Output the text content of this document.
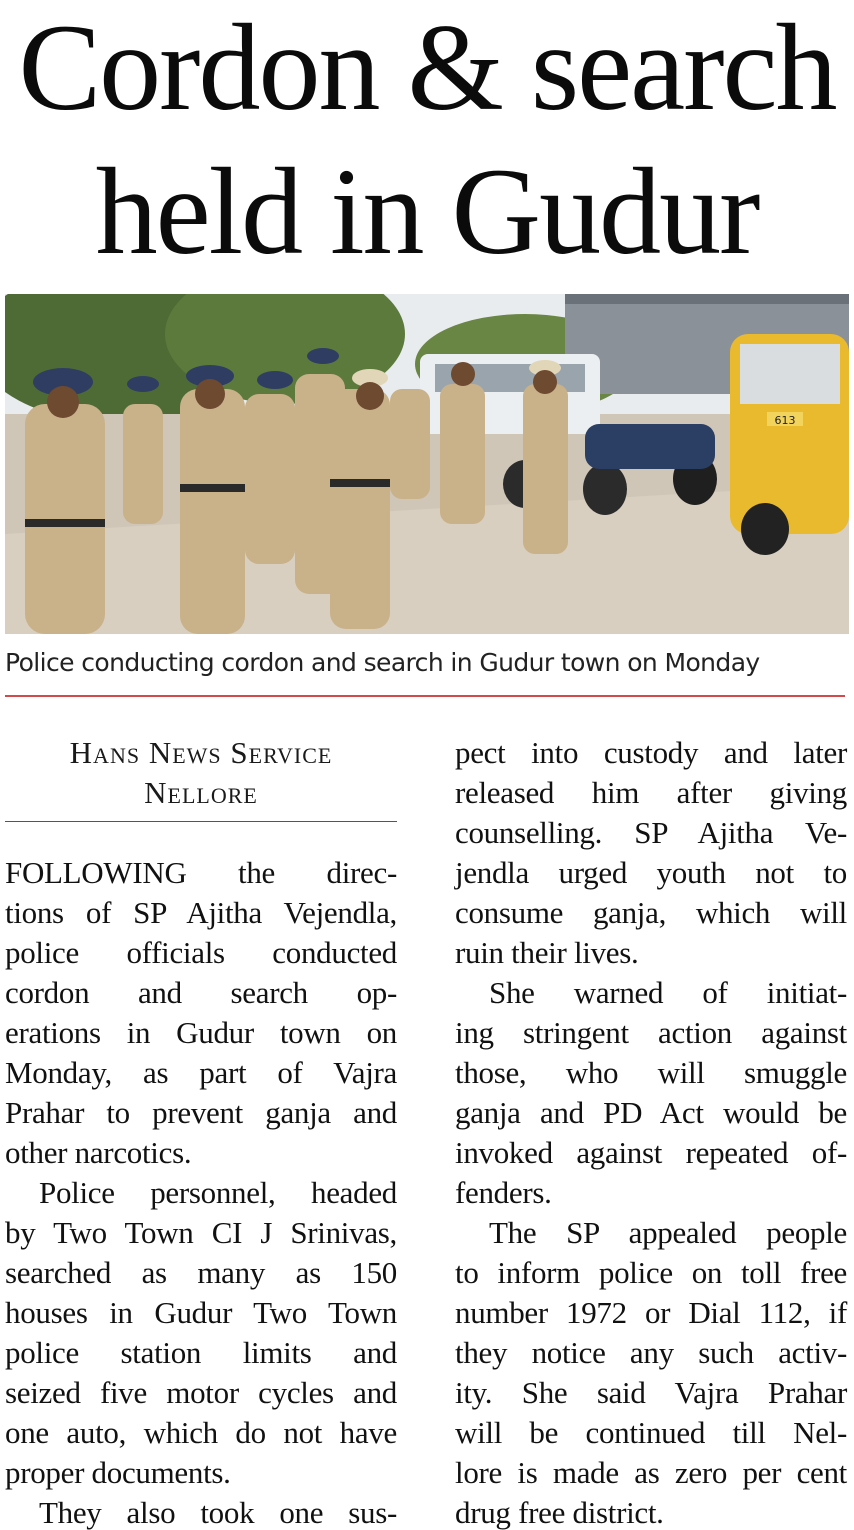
Cordon & search
held in Gudur
613
Police conducting cordon and search in Gudur town on Monday
Hans News Service
Nellore

FOLLOWING the direc-

tions of SP Ajitha Vejendla,

police officials conducted

cordon and search op-

erations in Gudur town on

Monday, as part of Vajra

Prahar to prevent ganja and

other narcotics.

Police personnel, headed

by Two Town CI J Srinivas,

searched as many as 150

houses in Gudur Two Town

police station limits and

seized five motor cycles and

one auto, which do not have

proper documents.

They also took one sus-

pect into custody and later

released him after giving

counselling. SP Ajitha Ve-

jendla urged youth not to

consume ganja, which will

ruin their lives.

She warned of initiat-

ing stringent action against

those, who will smuggle

ganja and PD Act would be

invoked against repeated of-

fenders.

The SP appealed people

to inform police on toll free

number 1972 or Dial 112, if

they notice any such activ-

ity. She said Vajra Prahar

will be continued till Nel-

lore is made as zero per cent

drug free district.
